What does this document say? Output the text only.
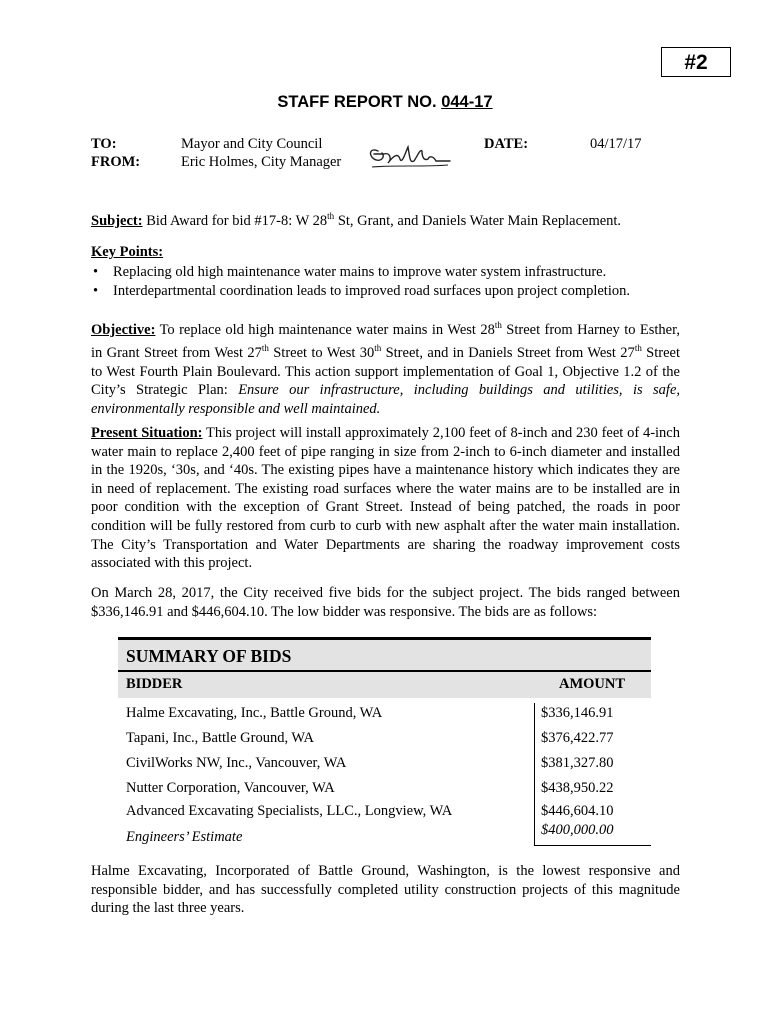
#2
STAFF REPORT NO. 044-17
TO:	Mayor and City Council
FROM:	Eric Holmes, City Manager
DATE:	04/17/17
Subject: Bid Award for bid #17-8: W 28th St, Grant, and Daniels Water Main Replacement.
Key Points:
• Replacing old high maintenance water mains to improve water system infrastructure.
• Interdepartmental coordination leads to improved road surfaces upon project completion.
Objective: To replace old high maintenance water mains in West 28th Street from Harney to Esther, in Grant Street from West 27th Street to West 30th Street, and in Daniels Street from West 27th Street to West Fourth Plain Boulevard. This action support implementation of Goal 1, Objective 1.2 of the City’s Strategic Plan: Ensure our infrastructure, including buildings and utilities, is safe, environmentally responsible and well maintained.
Present Situation: This project will install approximately 2,100 feet of 8-inch and 230 feet of 4-inch water main to replace 2,400 feet of pipe ranging in size from 2-inch to 6-inch diameter and installed in the 1920s, ‘30s, and ‘40s. The existing pipes have a maintenance history which indicates they are in need of replacement. The existing road surfaces where the water mains are to be installed are in poor condition with the exception of Grant Street. Instead of being patched, the roads in poor condition will be fully restored from curb to curb with new asphalt after the water main installation. The City’s Transportation and Water Departments are sharing the roadway improvement costs associated with this project.
On March 28, 2017, the City received five bids for the subject project. The bids ranged between $336,146.91 and $446,604.10. The low bidder was responsive. The bids are as follows:
SUMMARY OF BIDS
BIDDER	AMOUNT
Halme Excavating, Inc., Battle Ground, WA	$336,146.91
Tapani, Inc., Battle Ground, WA	$376,422.77
CivilWorks NW, Inc., Vancouver, WA	$381,327.80
Nutter Corporation, Vancouver, WA	$438,950.22
Advanced Excavating Specialists, LLC., Longview, WA	$446,604.10
Engineers’ Estimate	$400,000.00
Halme Excavating, Incorporated of Battle Ground, Washington, is the lowest responsive and responsible bidder, and has successfully completed utility construction projects of this magnitude during the last three years.
